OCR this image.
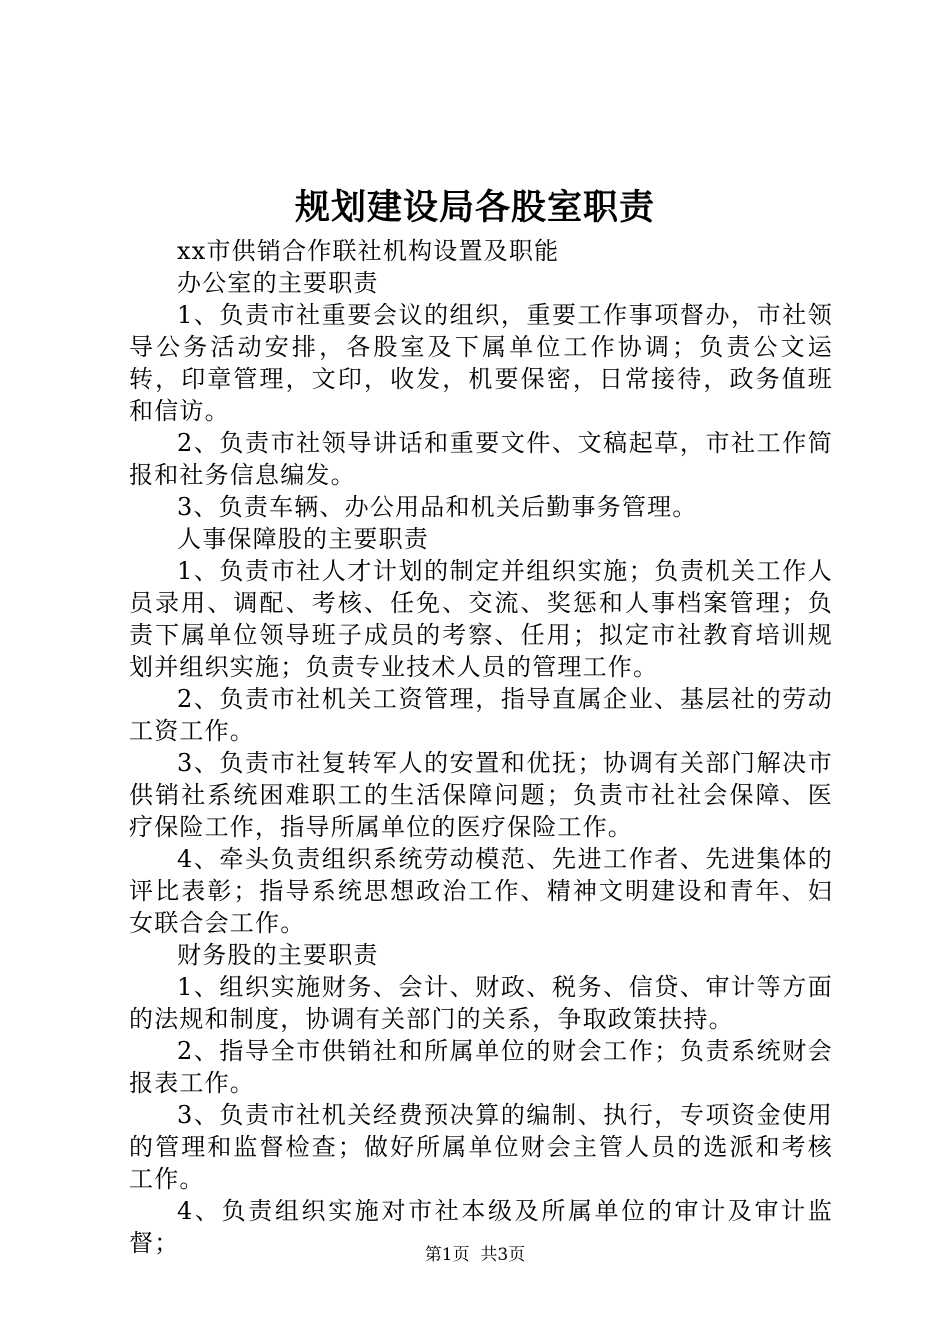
规划建设局各股室职责

xx市供销合作联社机构设置及职能

办公室的主要职责

1、负责市社重要会议的组织，重要工作事项督办，市社领导公务活动安排，各股室及下属单位工作协调；负责公文运转，印章管理，文印，收发，机要保密，日常接待，政务值班和信访。

2、负责市社领导讲话和重要文件、文稿起草，市社工作简报和社务信息编发。

3、负责车辆、办公用品和机关后勤事务管理。

人事保障股的主要职责

1、负责市社人才计划的制定并组织实施；负责机关工作人员录用、调配、考核、任免、交流、奖惩和人事档案管理；负责下属单位领导班子成员的考察、任用；拟定市社教育培训规划并组织实施；负责专业技术人员的管理工作。

2、负责市社机关工资管理，指导直属企业、基层社的劳动工资工作。

3、负责市社复转军人的安置和优抚；协调有关部门解决市供销社系统困难职工的生活保障问题；负责市社社会保障、医疗保险工作，指导所属单位的医疗保险工作。

4、牵头负责组织系统劳动模范、先进工作者、先进集体的评比表彰；指导系统思想政治工作、精神文明建设和青年、妇女联合会工作。

财务股的主要职责

1、组织实施财务、会计、财政、税务、信贷、审计等方面的法规和制度，协调有关部门的关系，争取政策扶持。

2、指导全市供销社和所属单位的财会工作；负责系统财会报表工作。

3、负责市社机关经费预决算的编制、执行，专项资金使用的管理和监督检查；做好所属单位财会主管人员的选派和考核工作。

4、负责组织实施对市社本级及所属单位的审计及审计监督；	第1页 共3页
